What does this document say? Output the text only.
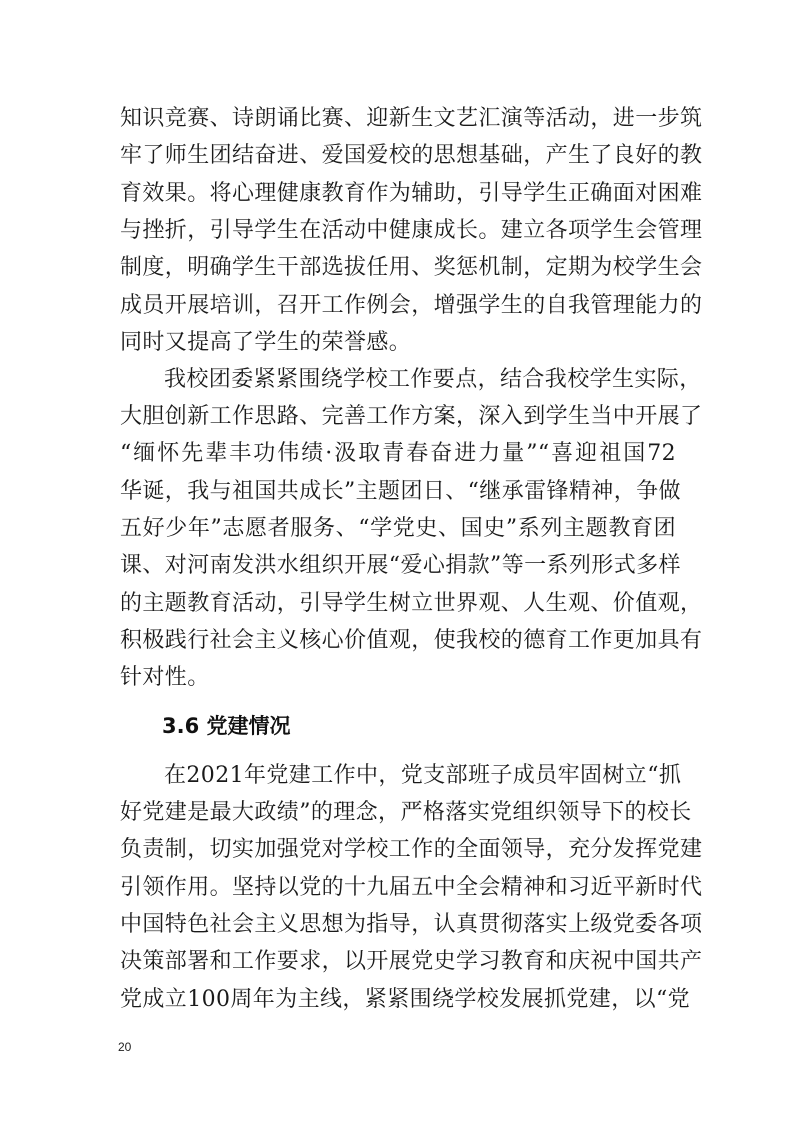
知识竞赛、诗朗诵比赛、迎新生文艺汇演等活动，进一步筑
牢了师生团结奋进、爱国爱校的思想基础，产生了良好的教
育效果。将心理健康教育作为辅助，引导学生正确面对困难
与挫折，引导学生在活动中健康成长。建立各项学生会管理
制度，明确学生干部选拔任用、奖惩机制，定期为校学生会
成员开展培训，召开工作例会，增强学生的自我管理能力的
同时又提高了学生的荣誉感。
我校团委紧紧围绕学校工作要点，结合我校学生实际，
大胆创新工作思路、完善工作方案，深入到学生当中开展了
“缅怀先辈丰功伟绩·汲取青春奋进力量”“喜迎祖国72
华诞，我与祖国共成长”主题团日、“继承雷锋精神，争做
五好少年”志愿者服务、“学党史、国史”系列主题教育团
课、对河南发洪水组织开展“爱心捐款”等一系列形式多样
的主题教育活动，引导学生树立世界观、人生观、价值观，
积极践行社会主义核心价值观，使我校的德育工作更加具有
针对性。
3.6 党建情况
在2021年党建工作中，党支部班子成员牢固树立“抓
好党建是最大政绩”的理念，严格落实党组织领导下的校长
负责制，切实加强党对学校工作的全面领导，充分发挥党建
引领作用。坚持以党的十九届五中全会精神和习近平新时代
中国特色社会主义思想为指导，认真贯彻落实上级党委各项
决策部署和工作要求，以开展党史学习教育和庆祝中国共产
党成立100周年为主线，紧紧围绕学校发展抓党建，以“党
20
